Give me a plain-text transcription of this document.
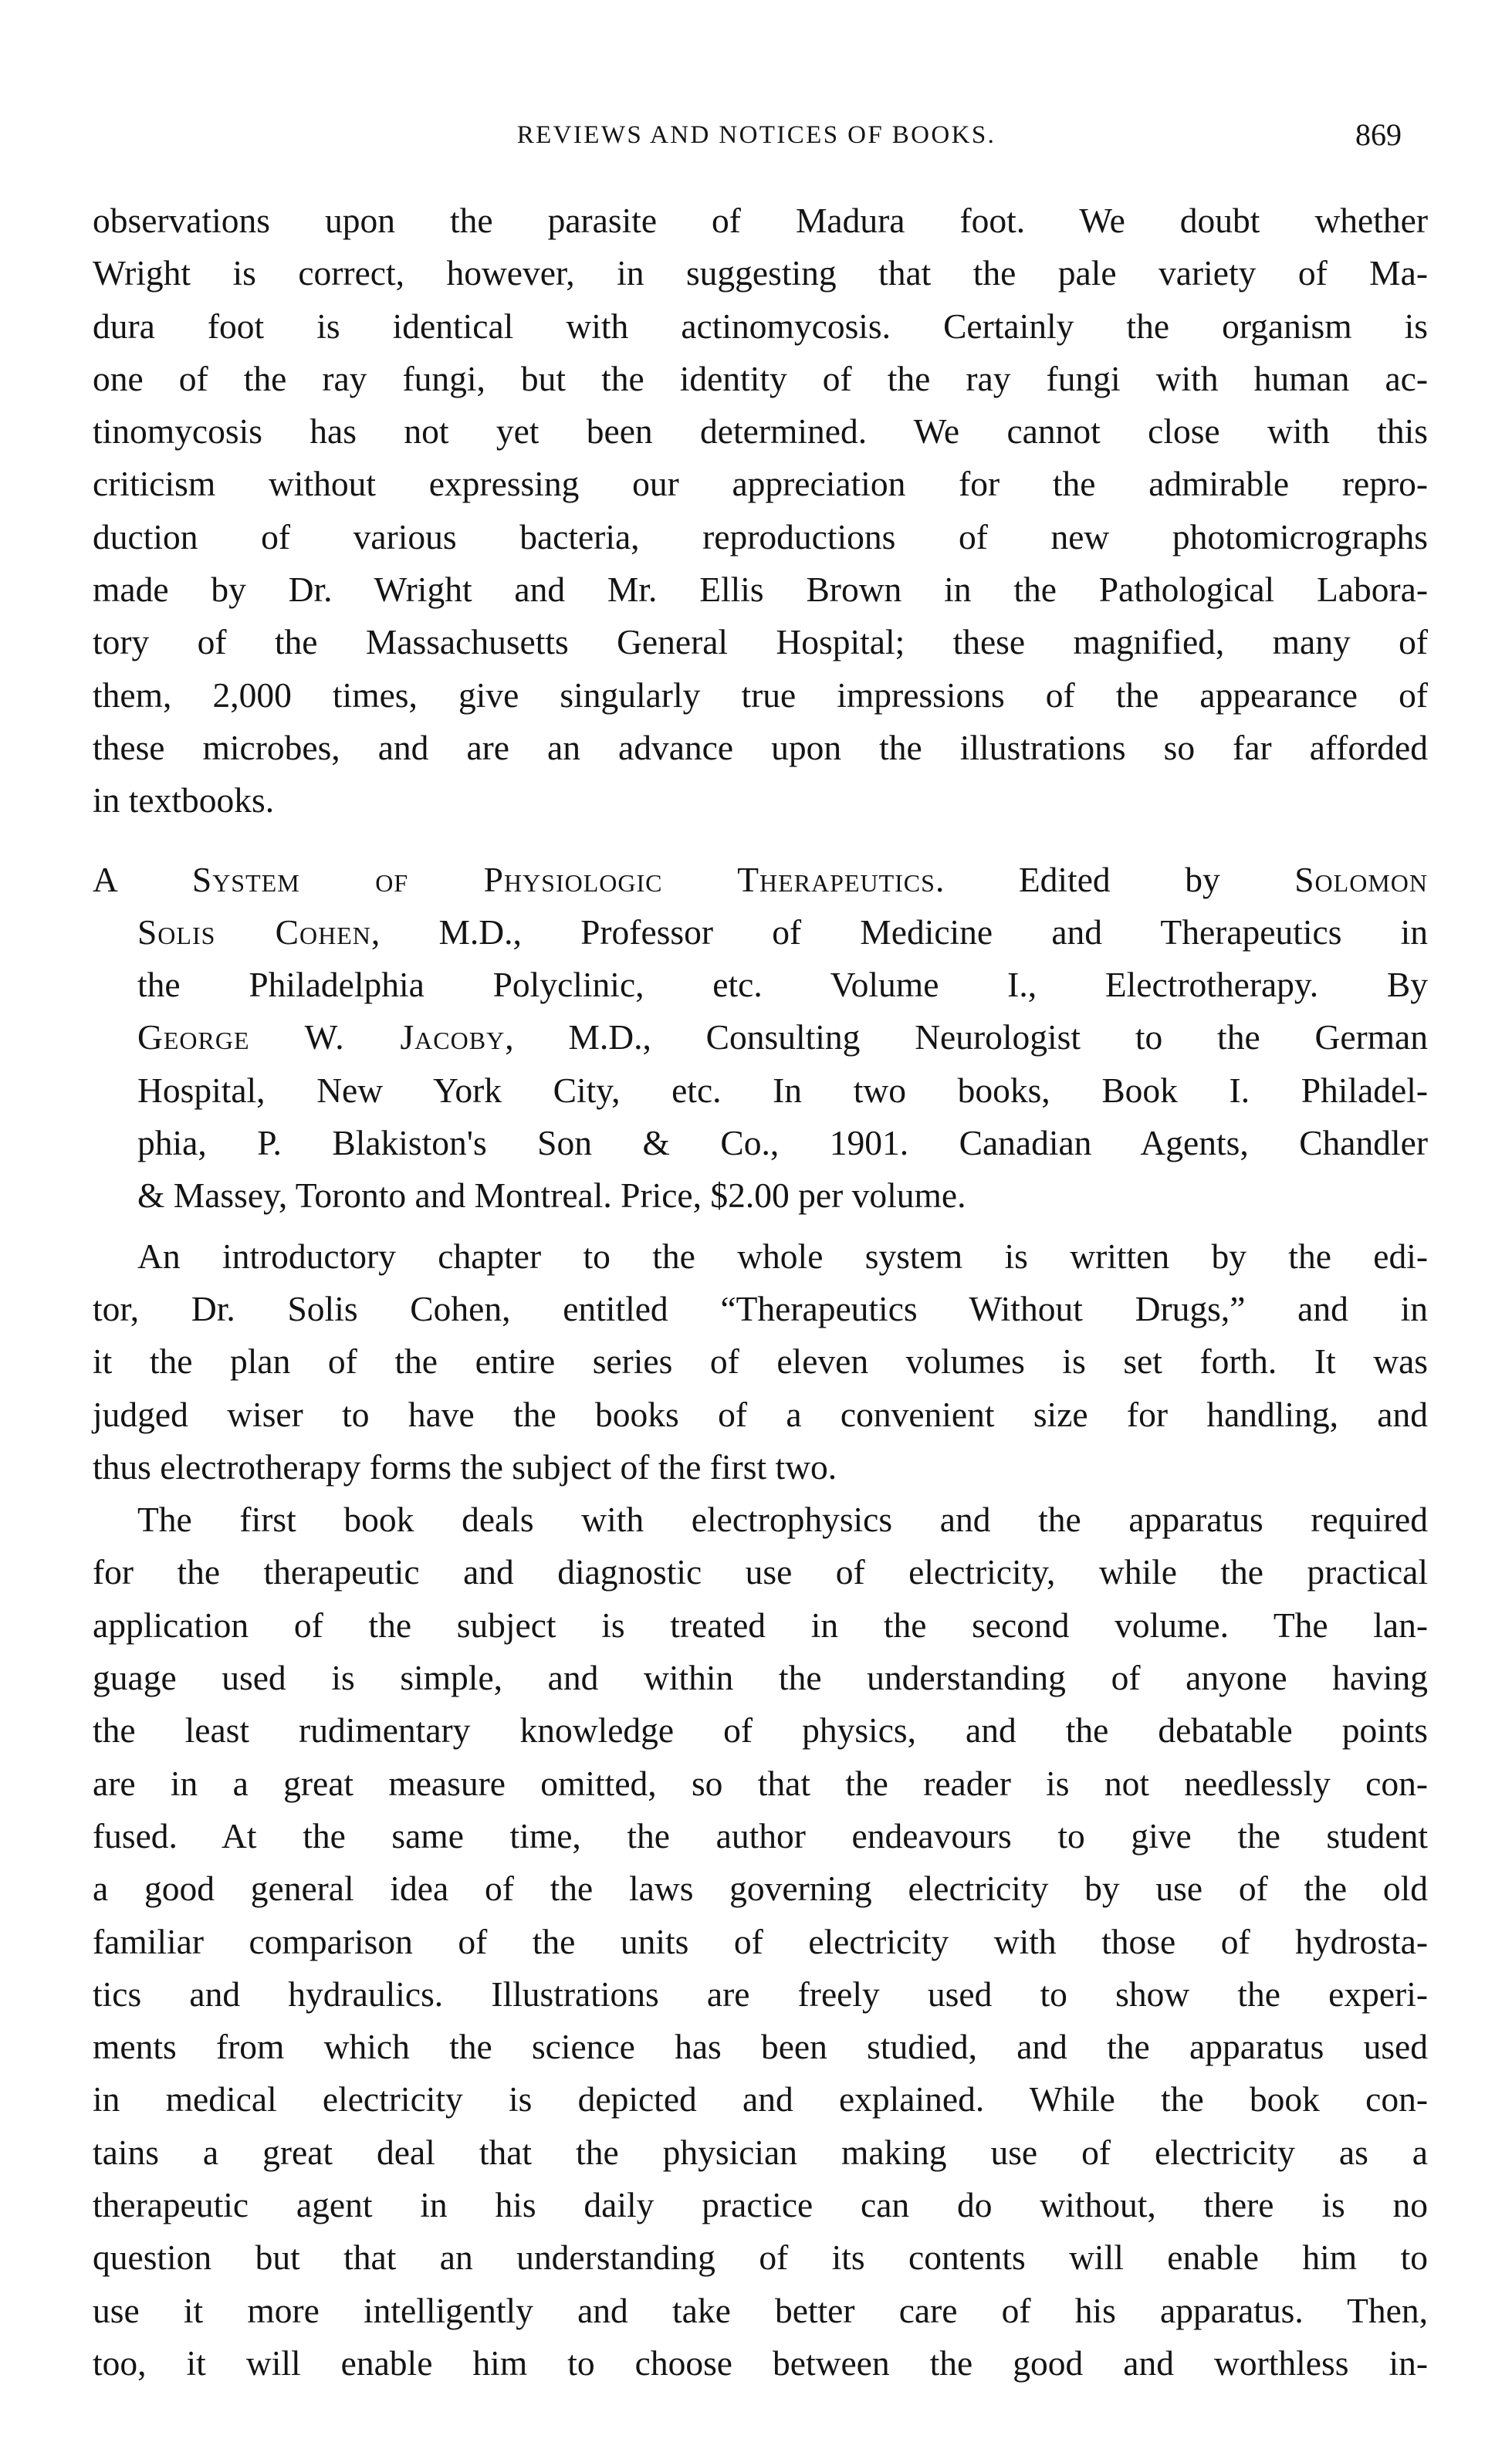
REVIEWS AND NOTICES OF BOOKS.	869
observations upon the parasite of Madura foot. We doubt whether
Wright is correct, however, in suggesting that the pale variety of Ma-
dura foot is identical with actinomycosis. Certainly the organism is
one of the ray fungi, but the identity of the ray fungi with human ac-
tinomycosis has not yet been determined. We cannot close with this
criticism without expressing our appreciation for the admirable repro-
duction of various bacteria, reproductions of new photomicrographs
made by Dr. Wright and Mr. Ellis Brown in the Pathological Labora-
tory of the Massachusetts General Hospital; these magnified, many of
them, 2,000 times, give singularly true impressions of the appearance of
these microbes, and are an advance upon the illustrations so far afforded
in textbooks.
A System of Physiologic Therapeutics. Edited by Solomon
Solis Cohen, M.D., Professor of Medicine and Therapeutics in
the Philadelphia Polyclinic, etc. Volume I., Electrotherapy. By
George W. Jacoby, M.D., Consulting Neurologist to the German
Hospital, New York City, etc. In two books, Book I. Philadel-
phia, P. Blakiston's Son & Co., 1901. Canadian Agents, Chandler
& Massey, Toronto and Montreal. Price, $2.00 per volume.
An introductory chapter to the whole system is written by the edi-
tor, Dr. Solis Cohen, entitled “Therapeutics Without Drugs,” and in
it the plan of the entire series of eleven volumes is set forth. It was
judged wiser to have the books of a convenient size for handling, and
thus electrotherapy forms the subject of the first two.
The first book deals with electrophysics and the apparatus required
for the therapeutic and diagnostic use of electricity, while the practical
application of the subject is treated in the second volume. The lan-
guage used is simple, and within the understanding of anyone having
the least rudimentary knowledge of physics, and the debatable points
are in a great measure omitted, so that the reader is not needlessly con-
fused. At the same time, the author endeavours to give the student
a good general idea of the laws governing electricity by use of the old
familiar comparison of the units of electricity with those of hydrosta-
tics and hydraulics. Illustrations are freely used to show the experi-
ments from which the science has been studied, and the apparatus used
in medical electricity is depicted and explained. While the book con-
tains a great deal that the physician making use of electricity as a
therapeutic agent in his daily practice can do without, there is no
question but that an understanding of its contents will enable him to
use it more intelligently and take better care of his apparatus. Then,
too, it will enable him to choose between the good and worthless in-
